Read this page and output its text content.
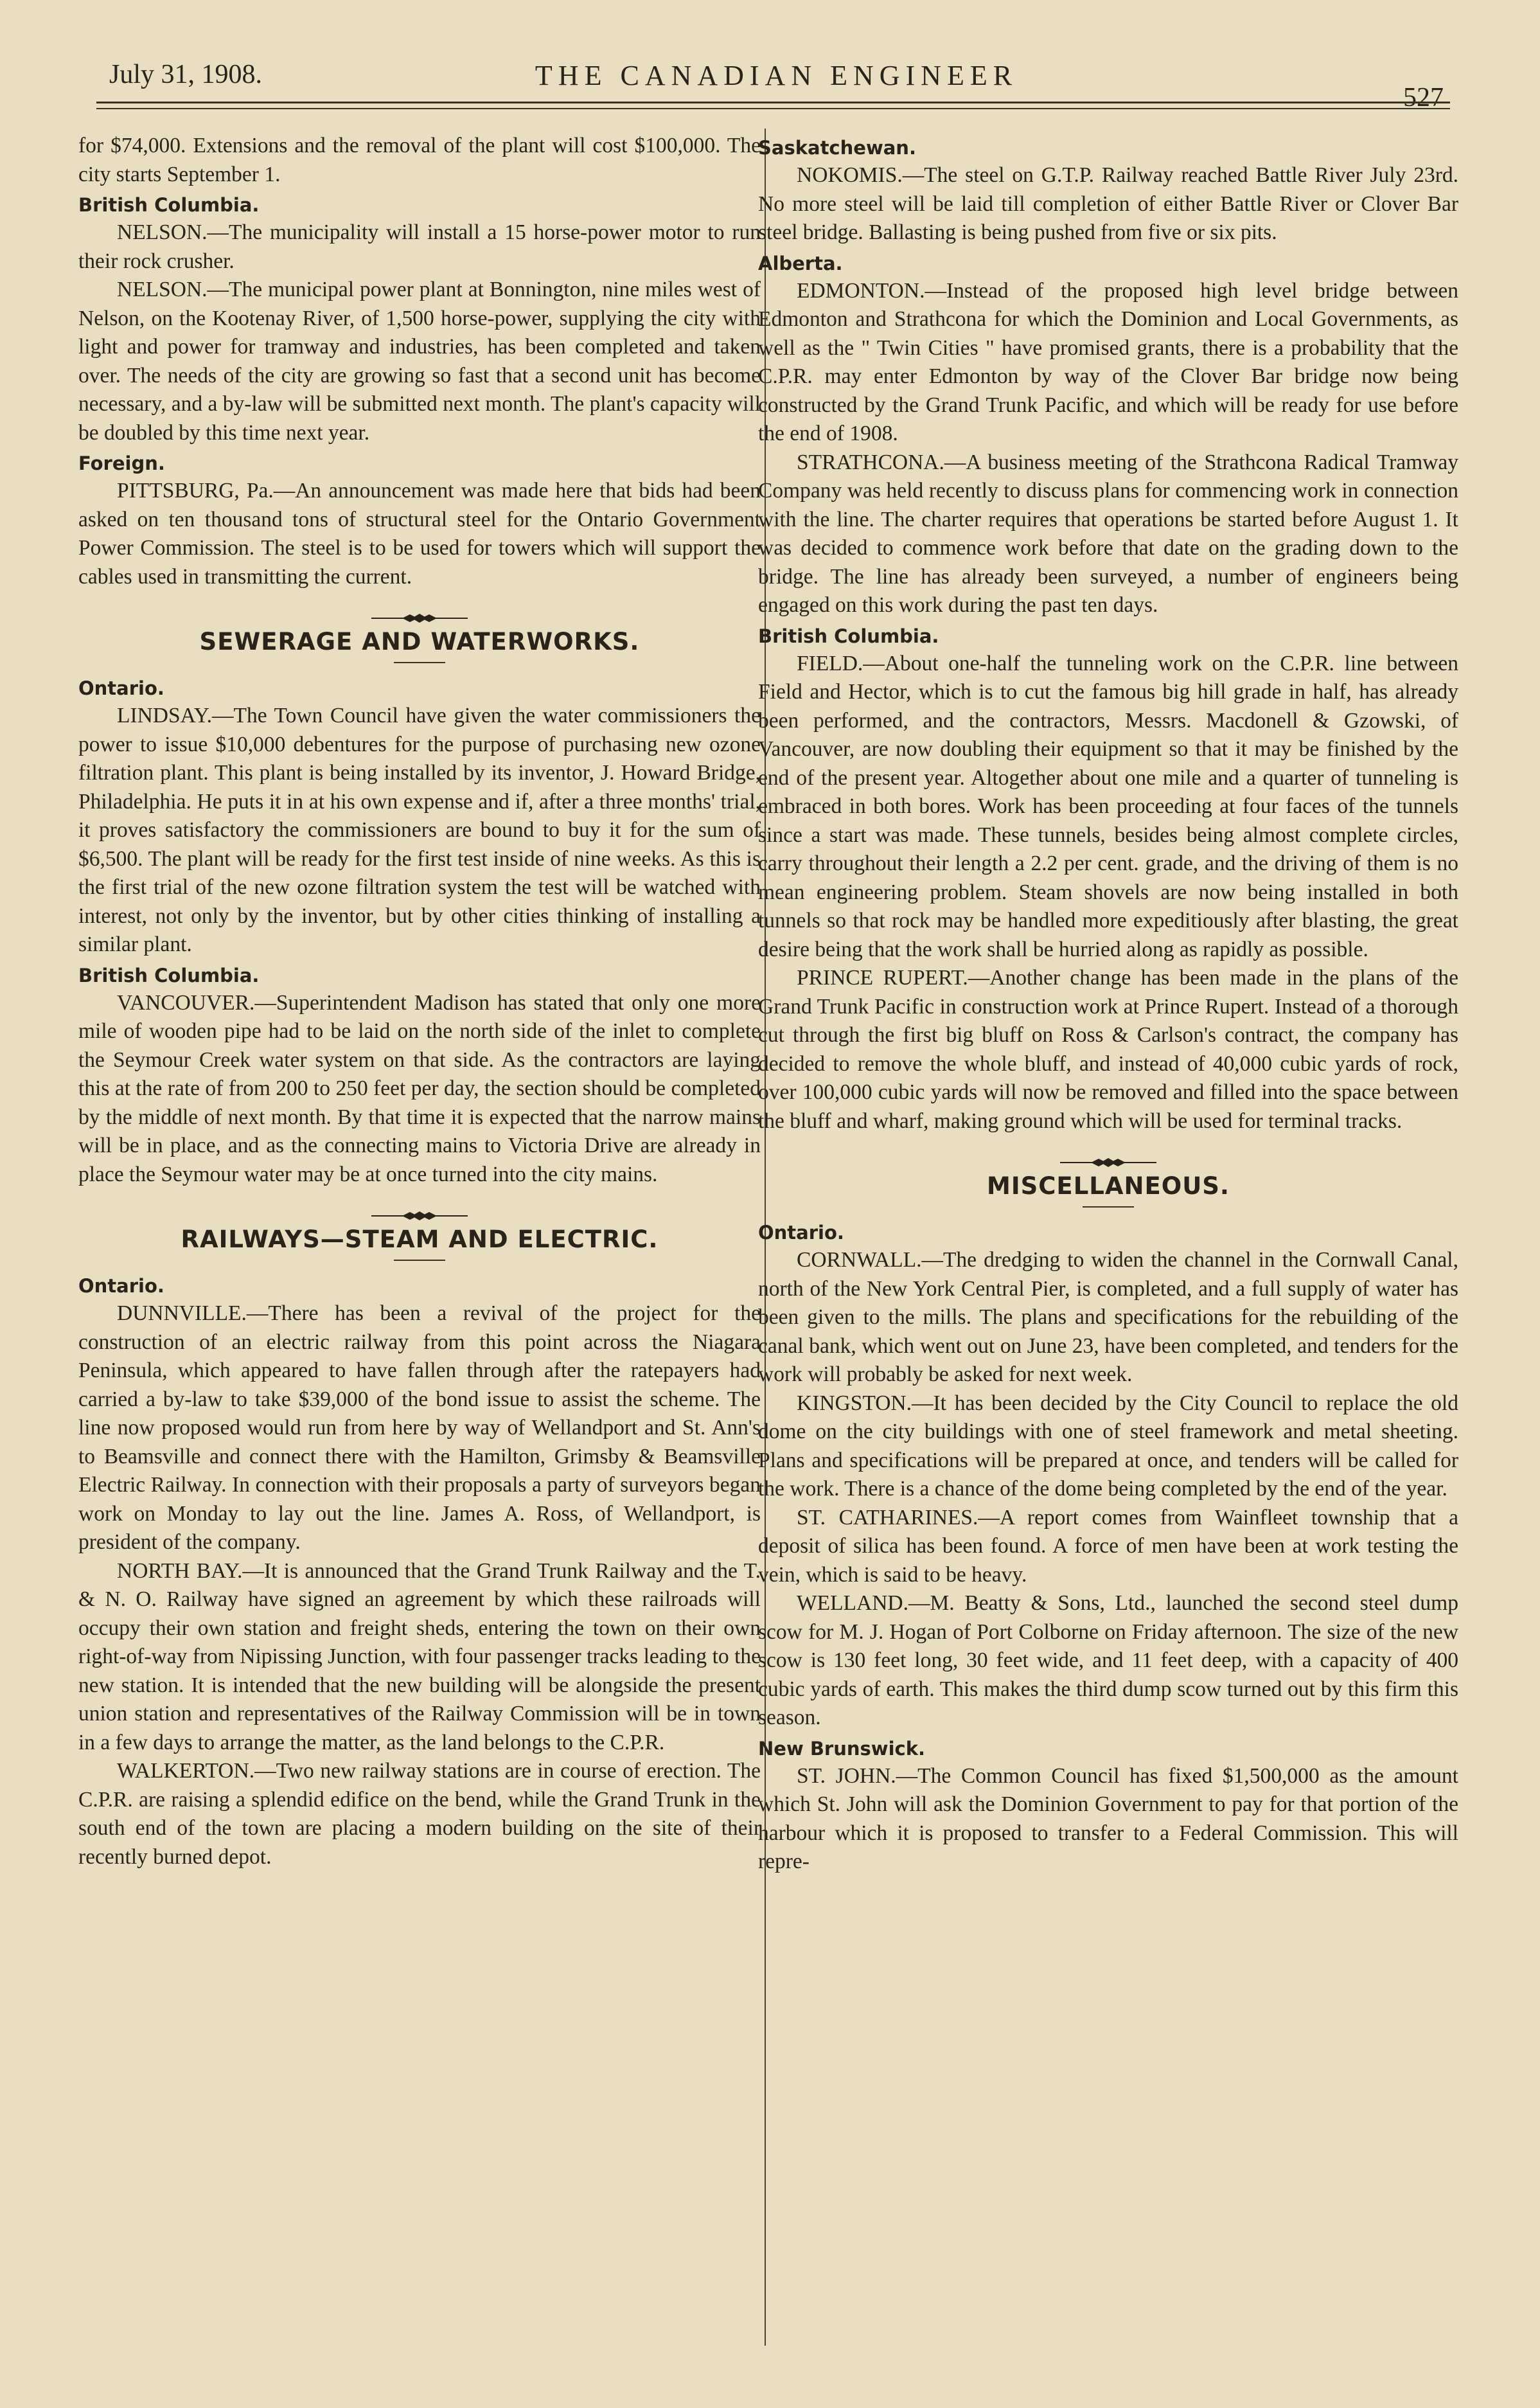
July 31, 1908.	THE CANADIAN ENGINEER
527

for $74,000. Extensions and the removal of the plant will cost $100,000. The city starts September 1.

British Columbia.

NELSON.—The municipality will install a 15 horse-power motor to run their rock crusher.

NELSON.—The municipal power plant at Bonnington, nine miles west of Nelson, on the Kootenay River, of 1,500 horse-power, supplying the city with light and power for tramway and industries, has been completed and taken over. The needs of the city are growing so fast that a second unit has become necessary, and a by-law will be submitted next month. The plant's capacity will be doubled by this time next year.

Foreign.

PITTSBURG, Pa.—An announcement was made here that bids had been asked on ten thousand tons of structural steel for the Ontario Government Power Commission. The steel is to be used for towers which will support the cables used in transmitting the current.

SEWERAGE AND WATERWORKS.
Ontario.

LINDSAY.—The Town Council have given the water commissioners the power to issue $10,000 debentures for the purpose of purchasing new ozone filtration plant. This plant is being installed by its inventor, J. Howard Bridge, Philadelphia. He puts it in at his own expense and if, after a three months' trial, it proves satisfactory the commissioners are bound to buy it for the sum of $6,500. The plant will be ready for the first test inside of nine weeks. As this is the first trial of the new ozone filtration system the test will be watched with interest, not only by the inventor, but by other cities thinking of installing a similar plant.

British Columbia.

VANCOUVER.—Superintendent Madison has stated that only one more mile of wooden pipe had to be laid on the north side of the inlet to complete the Seymour Creek water system on that side. As the contractors are laying this at the rate of from 200 to 250 feet per day, the section should be completed by the middle of next month. By that time it is expected that the narrow mains will be in place, and as the connecting mains to Victoria Drive are already in place the Seymour water may be at once turned into the city mains.

RAILWAYS—STEAM AND ELECTRIC.
Ontario.

DUNNVILLE.—There has been a revival of the project for the construction of an electric railway from this point across the Niagara Peninsula, which appeared to have fallen through after the ratepayers had carried a by-law to take $39,000 of the bond issue to assist the scheme. The line now proposed would run from here by way of Wellandport and St. Ann's to Beamsville and connect there with the Hamilton, Grimsby & Beamsville Electric Railway. In connection with their proposals a party of surveyors began work on Monday to lay out the line. James A. Ross, of Wellandport, is president of the company.

NORTH BAY.—It is announced that the Grand Trunk Railway and the T. & N. O. Railway have signed an agreement by which these railroads will occupy their own station and freight sheds, entering the town on their own right-of-way from Nipissing Junction, with four passenger tracks leading to the new station. It is intended that the new building will be alongside the present union station and representatives of the Railway Commission will be in town in a few days to arrange the matter, as the land belongs to the C.P.R.

WALKERTON.—Two new railway stations are in course of erection. The C.P.R. are raising a splendid edifice on the bend, while the Grand Trunk in the south end of the town are placing a modern building on the site of their recently burned depot.

Saskatchewan.

NOKOMIS.—The steel on G.T.P. Railway reached Battle River July 23rd. No more steel will be laid till completion of either Battle River or Clover Bar steel bridge. Ballasting is being pushed from five or six pits.

Alberta.

EDMONTON.—Instead of the proposed high level bridge between Edmonton and Strathcona for which the Dominion and Local Governments, as well as the " Twin Cities " have promised grants, there is a probability that the C.P.R. may enter Edmonton by way of the Clover Bar bridge now being constructed by the Grand Trunk Pacific, and which will be ready for use before the end of 1908.

STRATHCONA.—A business meeting of the Strathcona Radical Tramway Company was held recently to discuss plans for commencing work in connection with the line. The charter requires that operations be started before August 1. It was decided to commence work before that date on the grading down to the bridge. The line has already been surveyed, a number of engineers being engaged on this work during the past ten days.

British Columbia.

FIELD.—About one-half the tunneling work on the C.P.R. line between Field and Hector, which is to cut the famous big hill grade in half, has already been performed, and the contractors, Messrs. Macdonell & Gzowski, of Vancouver, are now doubling their equipment so that it may be finished by the end of the present year. Altogether about one mile and a quarter of tunneling is embraced in both bores. Work has been proceeding at four faces of the tunnels since a start was made. These tunnels, besides being almost complete circles, carry throughout their length a 2.2 per cent. grade, and the driving of them is no mean engineering problem. Steam shovels are now being installed in both tunnels so that rock may be handled more expeditiously after blasting, the great desire being that the work shall be hurried along as rapidly as possible.

PRINCE RUPERT.—Another change has been made in the plans of the Grand Trunk Pacific in construction work at Prince Rupert. Instead of a thorough cut through the first big bluff on Ross & Carlson's contract, the company has decided to remove the whole bluff, and instead of 40,000 cubic yards of rock, over 100,000 cubic yards will now be removed and filled into the space between the bluff and wharf, making ground which will be used for terminal tracks.

MISCELLANEOUS.
Ontario.

CORNWALL.—The dredging to widen the channel in the Cornwall Canal, north of the New York Central Pier, is completed, and a full supply of water has been given to the mills. The plans and specifications for the rebuilding of the canal bank, which went out on June 23, have been completed, and tenders for the work will probably be asked for next week.

KINGSTON.—It has been decided by the City Council to replace the old dome on the city buildings with one of steel framework and metal sheeting. Plans and specifications will be prepared at once, and tenders will be called for the work. There is a chance of the dome being completed by the end of the year.

ST. CATHARINES.—A report comes from Wainfleet township that a deposit of silica has been found. A force of men have been at work testing the vein, which is said to be heavy.

WELLAND.—M. Beatty & Sons, Ltd., launched the second steel dump scow for M. J. Hogan of Port Colborne on Friday afternoon. The size of the new scow is 130 feet long, 30 feet wide, and 11 feet deep, with a capacity of 400 cubic yards of earth. This makes the third dump scow turned out by this firm this season.

New Brunswick.

ST. JOHN.—The Common Council has fixed $1,500,000 as the amount which St. John will ask the Dominion Government to pay for that portion of the harbour which it is proposed to transfer to a Federal Commission. This will repre-
